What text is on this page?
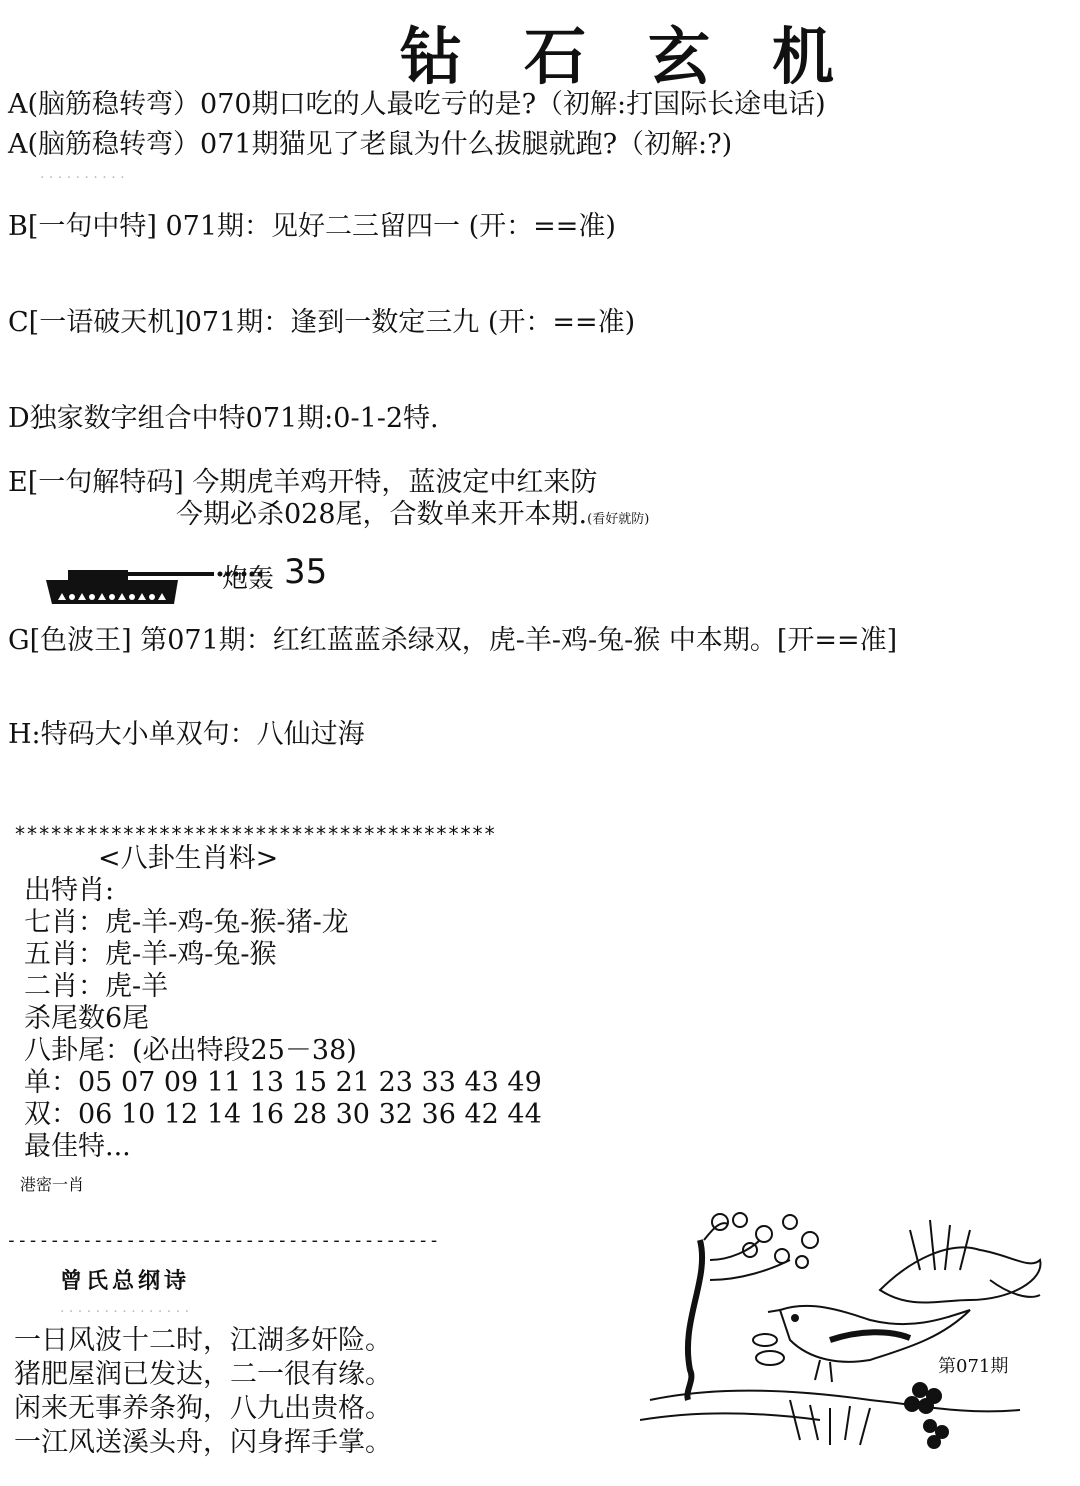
钻石玄机
A(脑筋稳转弯）070期口吃的人最吃亏的是?（初解:打国际长途电话)
A(脑筋稳转弯）071期猫见了老鼠为什么拔腿就跑?（初解:?)
· · · · · · · · · ·
B[一句中特] 071期：见好二三留四一 (开：==准)
C[一语破天机]071期：逢到一数定三九 (开：==准)
D独家数字组合中特071期:0-1-2特.
E[一句解特码] 今期虎羊鸡开特，蓝波定中红来防
今期必杀028尾，合数单来开本期.(看好就防)
炮轰 35
G[色波王] 第071期：红红蓝蓝杀绿双，虎-羊-鸡-兔-猴 中本期。[开==准]
H:特码大小单双句：八仙过海
****************************************
<八卦生肖料>
出特肖:
七肖：虎-羊-鸡-兔-猴-猪-龙
五肖：虎-羊-鸡-兔-猴
二肖：虎-羊
杀尾数6尾
八卦尾：(必出特段25－38)
单：05 07 09 11 13 15 21 23 33 43 49
双：06 10 12 14 16 28 30 32 36 42 44
最佳特...
港密一肖
----------------------------------------
曾氏总纲诗
· · · · · · · · · · · · · · ·
一日风波十二时，江湖多奸险。
猪肥屋润已发达，二一很有缘。
闲来无事养条狗，八九出贵格。
一江风送溪头舟，闪身挥手掌。
第071期
